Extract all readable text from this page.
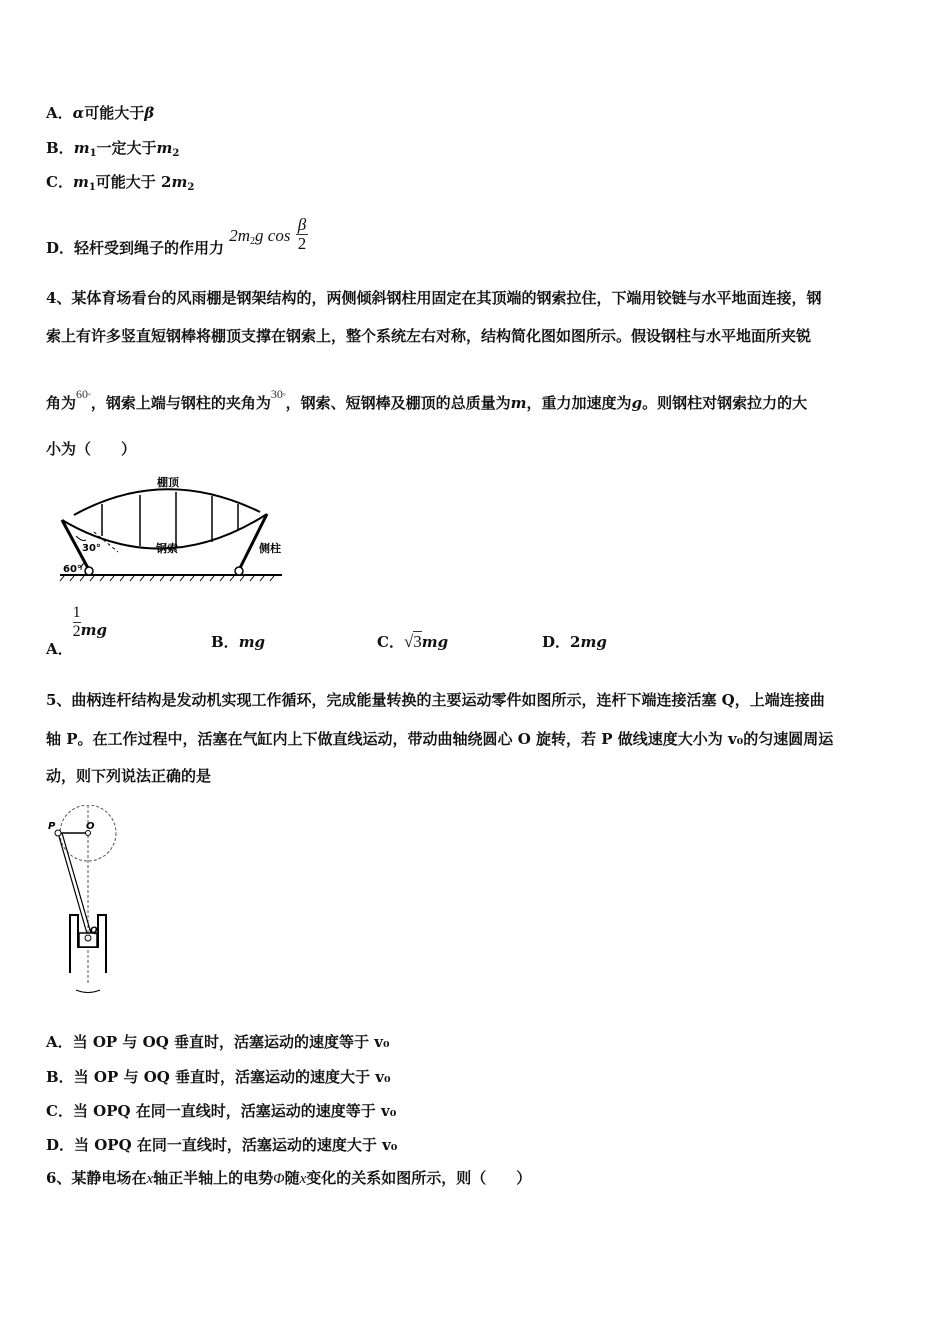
A．α可能大于β
B．$m_1$一定大于$m_2$
C．$m_1$可能大于 $2m_2$
D．轻杆受到绳子的作用力 $2m_2g$ $\cos \frac{\beta}{2}$
4、某体育场看台的风雨棚是钢架结构的，两侧倾斜钢柱用固定在其顶端的钢索拉住，下端用铰链与水平地面连接，钢
索上有许多竖直短钢棒将棚顶支撑在钢索上，整个系统左右对称，结构简化图如图所示。假设钢柱与水平地面所夹锐
角为$^{60^\circ}$，钢索上端与钢柱的夹角为$^{30^\circ}$，钢索、短钢棒及棚顶的总质量为m，重力加速度为g。则钢柱对钢索拉力的大
小为（　　）
棚顶
钢索	侧柱
30°
60°
A．
$\frac{1}{2}$ mg
B．mg	C．√3mg	D．2mg
5、曲柄连杆结构是发动机实现工作循环，完成能量转换的主要运动零件如图所示，连杆下端连接活塞 Q，上端连接曲
轴 P。在工作过程中，活塞在气缸内上下做直线运动，带动曲轴绕圆心 O 旋转，若 P 做线速度大小为 v₀的匀速圆周运
动，则下列说法正确的是
P	O
Q
A．当 OP 与 OQ 垂直时，活塞运动的速度等于 v₀
B．当 OP 与 OQ 垂直时，活塞运动的速度大于 v₀
C．当 OPQ 在同一直线时，活塞运动的速度等于 v₀
D．当 OPQ 在同一直线时，活塞运动的速度大于 v₀
6、某静电场在x轴正半轴上的电势Φ随x变化的关系如图所示，则（　　）
